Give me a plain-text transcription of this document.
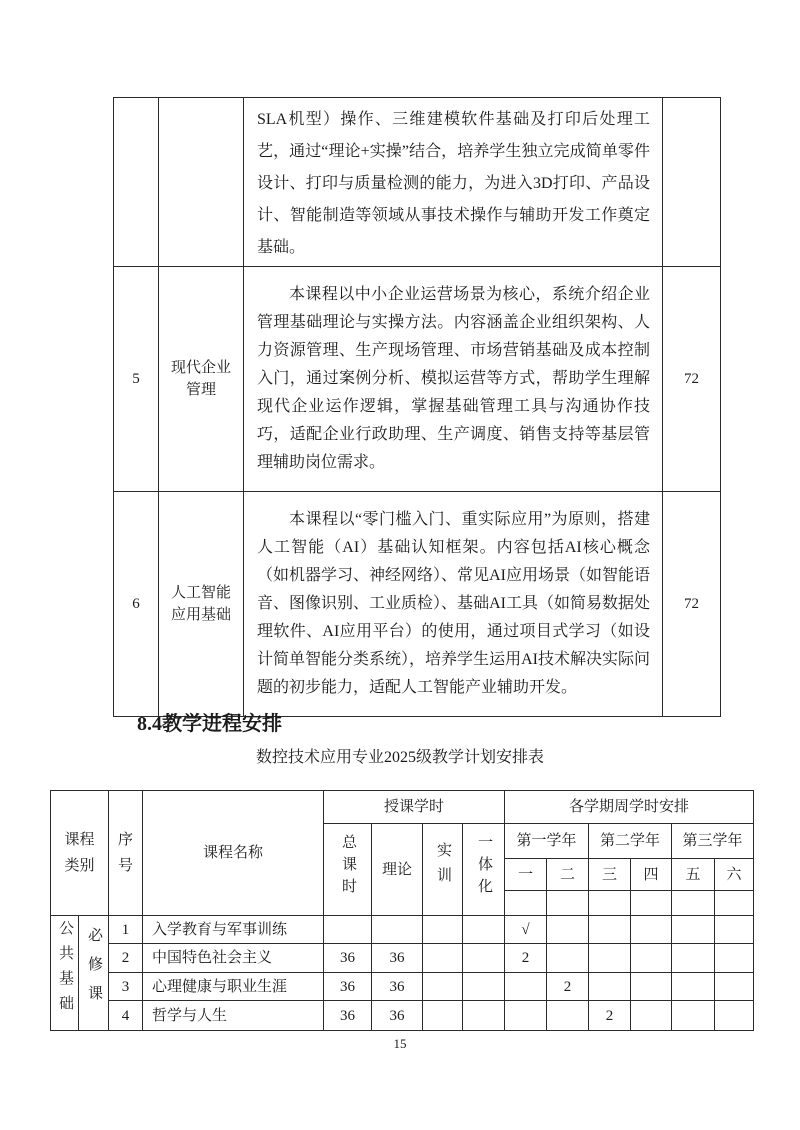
		SLA机型）操作、三维建模软件基础及打印后处理工艺，通过“理论+实操”结合，培养学生独立完成简单零件设计、打印与质量检测的能力，为进入3D打印、产品设计、智能制造等领域从事技术操作与辅助开发工作奠定基础。	
5	现代企业管理	本课程以中小企业运营场景为核心，系统介绍企业管理基础理论与实操方法。内容涵盖企业组织架构、人力资源管理、生产现场管理、市场营销基础及成本控制入门，通过案例分析、模拟运营等方式，帮助学生理解现代企业运作逻辑，掌握基础管理工具与沟通协作技巧，适配企业行政助理、生产调度、销售支持等基层管理辅助岗位需求。	72
6	人工智能应用基础	本课程以“零门槛入门、重实际应用”为原则，搭建人工智能（AI）基础认知框架。内容包括AI核心概念（如机器学习、神经网络）、常见AI应用场景（如智能语音、图像识别、工业质检）、基础AI工具（如简易数据处理软件、AI应用平台）的使用，通过项目式学习（如设计简单智能分类系统），培养学生运用AI技术解决实际问题的初步能力，适配人工智能产业辅助开发。	72
8.4教学进程安排
数控技术应用专业2025级教学计划安排表
课程类别		序号	课程名称	授课学时				各学期周学时安排					
				总课时	理论	实训	一体化	第一学年		第二学年		第三学年	
								一	二	三	四	五	六

公共基础	必修课	1	入学教育与军事训练					√					
		2	中国特色社会主义	36	36			2					
		3	心理健康与职业生涯	36	36				2				
		4	哲学与人生	36	36					2			
15
